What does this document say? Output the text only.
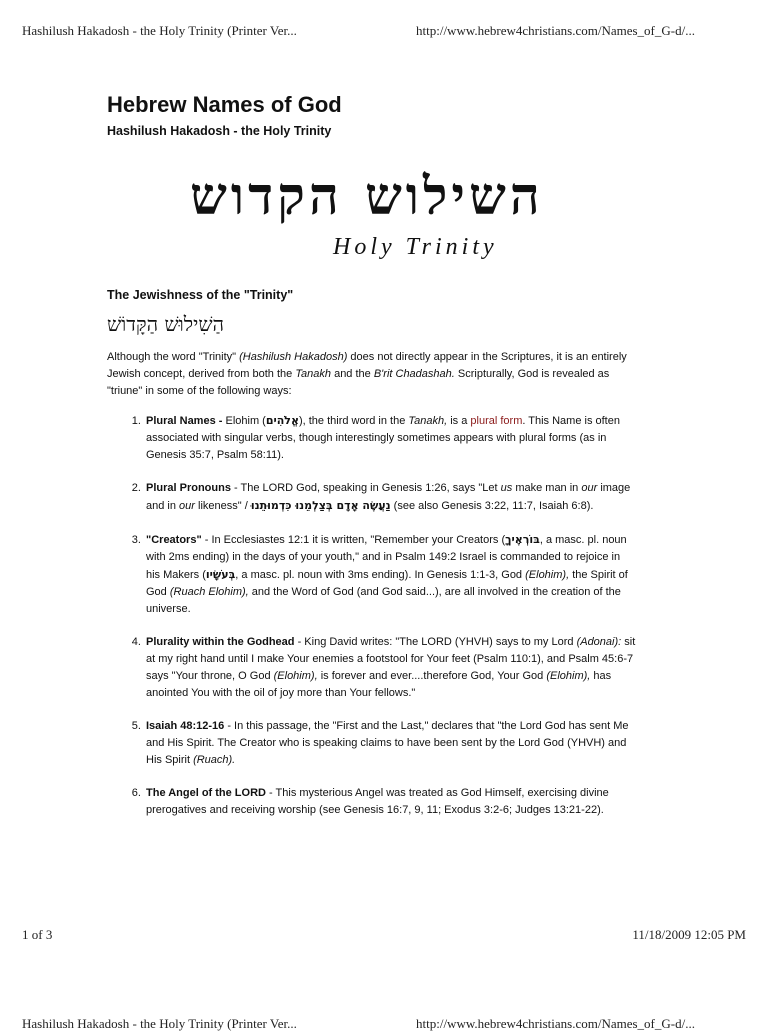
Hashilush Hakadosh - the Holy Trinity (Printer Ver...	http://www.hebrew4christians.com/Names_of_G-d/...
Hebrew Names of God
Hashilush Hakadosh - the Holy Trinity
השילוש הקדוש
Holy Trinity
The Jewishness of the "Trinity"
הַשִׁילוּשׁ הַקָּדוֹשׁ

Although the word "Trinity" (Hashilush Hakadosh) does not directly appear in the Scriptures, it is an entirely Jewish concept, derived from both the Tanakh and the B'rit Chadashah. Scripturally, God is revealed as "triune" in some of the following ways:

1. Plural Names - Elohim (אֱלֹהִים), the third word in the Tanakh, is a plural form. This Name is often associated with singular verbs, though interestingly sometimes appears with plural forms (as in Genesis 35:7, Psalm 58:11).
2. Plural Pronouns - The LORD God, speaking in Genesis 1:26, says "Let us make man in our image and in our likeness" / נַעֲשֶׂה אָדָם בְּצַלְמֵנוּ כִּדְמוּתֵנוּ (see also Genesis 3:22, 11:7, Isaiah 6:8).
3. "Creators" - In Ecclesiastes 12:1 it is written, "Remember your Creators (בּוֹרְאֶיךָ, a masc. pl. noun with 2ms ending) in the days of your youth," and in Psalm 149:2 Israel is commanded to rejoice in his Makers (בְּעֹשָׂיו, a masc. pl. noun with 3ms ending). In Genesis 1:1-3, God (Elohim), the Spirit of God (Ruach Elohim), and the Word of God (and God said...), are all involved in the creation of the universe.
4. Plurality within the Godhead - King David writes: "The LORD (YHVH) says to my Lord (Adonai): sit at my right hand until I make Your enemies a footstool for Your feet (Psalm 110:1), and Psalm 45:6-7 says "Your throne, O God (Elohim), is forever and ever....therefore God, Your God (Elohim), has anointed You with the oil of joy more than Your fellows."
5. Isaiah 48:12-16 - In this passage, the "First and the Last," declares that "the Lord God has sent Me and His Spirit. The Creator who is speaking claims to have been sent by the Lord God (YHVH) and His Spirit (Ruach).
6. The Angel of the LORD - This mysterious Angel was treated as God Himself, exercising divine prerogatives and receiving worship (see Genesis 16:7, 9, 11; Exodus 3:2-6; Judges 13:21-22).
1 of 3	11/18/2009 12:05 PM
Hashilush Hakadosh - the Holy Trinity (Printer Ver...	http://www.hebrew4christians.com/Names_of_G-d/...
